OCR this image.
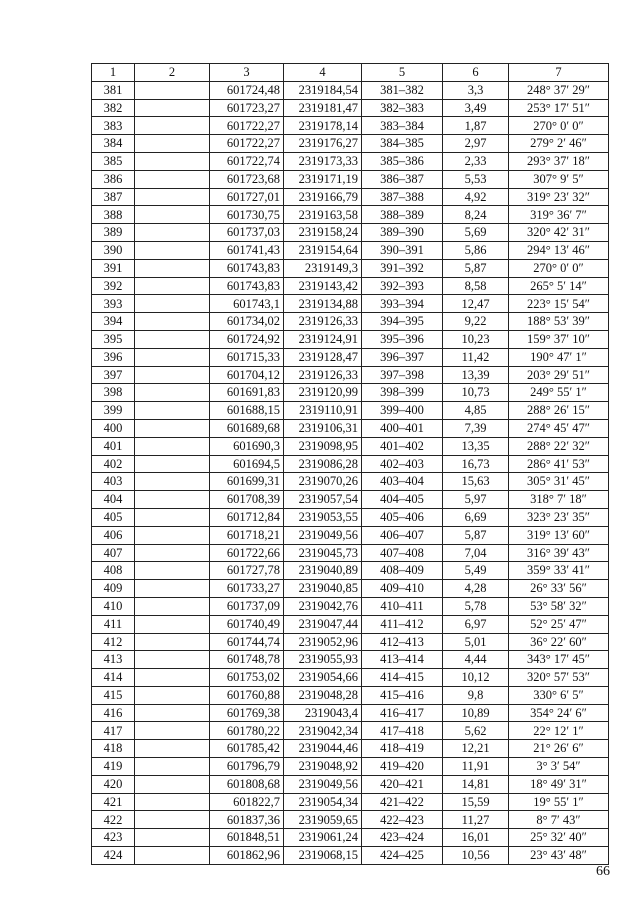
1	2	3	4	5	6	7
381		601724,48	2319184,54	381–382	3,3	248° 37′ 29″
382		601723,27	2319181,47	382–383	3,49	253° 17′ 51″
383		601722,27	2319178,14	383–384	1,87	270° 0′ 0″
384		601722,27	2319176,27	384–385	2,97	279° 2′ 46″
385		601722,74	2319173,33	385–386	2,33	293° 37′ 18″
386		601723,68	2319171,19	386–387	5,53	307° 9′ 5″
387		601727,01	2319166,79	387–388	4,92	319° 23′ 32″
388		601730,75	2319163,58	388–389	8,24	319° 36′ 7″
389		601737,03	2319158,24	389–390	5,69	320° 42′ 31″
390		601741,43	2319154,64	390–391	5,86	294° 13′ 46″
391		601743,83	2319149,3	391–392	5,87	270° 0′ 0″
392		601743,83	2319143,42	392–393	8,58	265° 5′ 14″
393		601743,1	2319134,88	393–394	12,47	223° 15′ 54″
394		601734,02	2319126,33	394–395	9,22	188° 53′ 39″
395		601724,92	2319124,91	395–396	10,23	159° 37′ 10″
396		601715,33	2319128,47	396–397	11,42	190° 47′ 1″
397		601704,12	2319126,33	397–398	13,39	203° 29′ 51″
398		601691,83	2319120,99	398–399	10,73	249° 55′ 1″
399		601688,15	2319110,91	399–400	4,85	288° 26′ 15″
400		601689,68	2319106,31	400–401	7,39	274° 45′ 47″
401		601690,3	2319098,95	401–402	13,35	288° 22′ 32″
402		601694,5	2319086,28	402–403	16,73	286° 41′ 53″
403		601699,31	2319070,26	403–404	15,63	305° 31′ 45″
404		601708,39	2319057,54	404–405	5,97	318° 7′ 18″
405		601712,84	2319053,55	405–406	6,69	323° 23′ 35″
406		601718,21	2319049,56	406–407	5,87	319° 13′ 60″
407		601722,66	2319045,73	407–408	7,04	316° 39′ 43″
408		601727,78	2319040,89	408–409	5,49	359° 33′ 41″
409		601733,27	2319040,85	409–410	4,28	26° 33′ 56″
410		601737,09	2319042,76	410–411	5,78	53° 58′ 32″
411		601740,49	2319047,44	411–412	6,97	52° 25′ 47″
412		601744,74	2319052,96	412–413	5,01	36° 22′ 60″
413		601748,78	2319055,93	413–414	4,44	343° 17′ 45″
414		601753,02	2319054,66	414–415	10,12	320° 57′ 53″
415		601760,88	2319048,28	415–416	9,8	330° 6′ 5″
416		601769,38	2319043,4	416–417	10,89	354° 24′ 6″
417		601780,22	2319042,34	417–418	5,62	22° 12′ 1″
418		601785,42	2319044,46	418–419	12,21	21° 26′ 6″
419		601796,79	2319048,92	419–420	11,91	3° 3′ 54″
420		601808,68	2319049,56	420–421	14,81	18° 49′ 31″
421		601822,7	2319054,34	421–422	15,59	19° 55′ 1″
422		601837,36	2319059,65	422–423	11,27	8° 7′ 43″
423		601848,51	2319061,24	423–424	16,01	25° 32′ 40″
424		601862,96	2319068,15	424–425	10,56	23° 43′ 48″
66
